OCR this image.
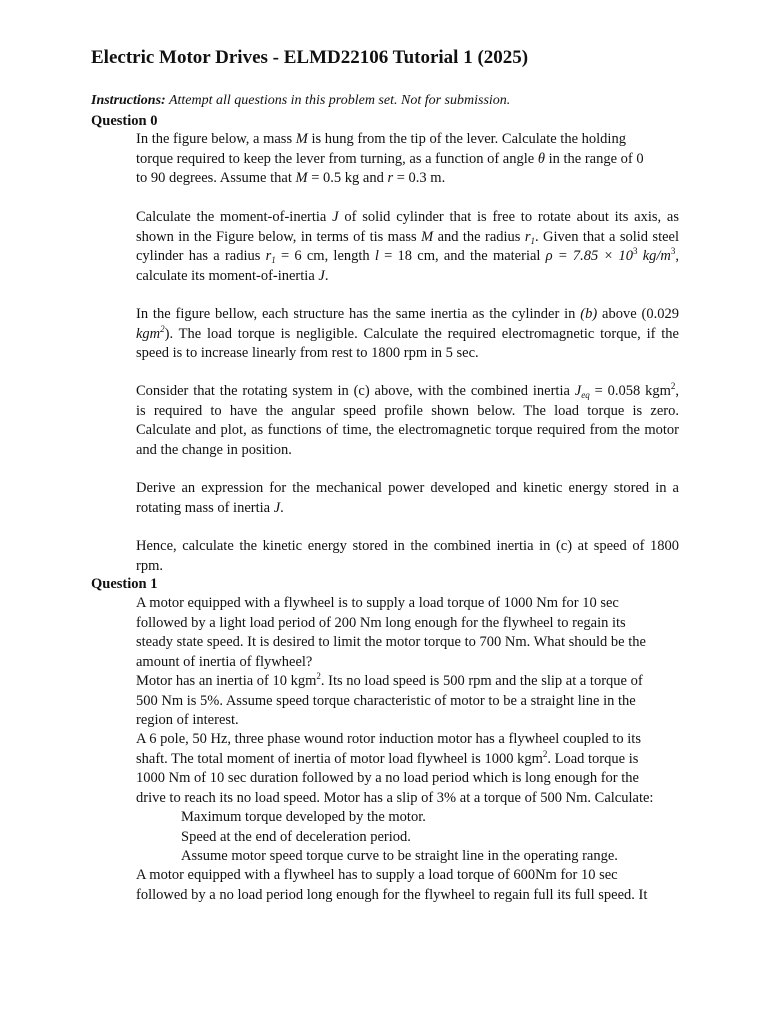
Electric Motor Drives - ELMD22106 Tutorial 1 (2025)
Instructions: Attempt all questions in this problem set. Not for submission.
Question 0
In the figure below, a mass M is hung from the tip of the lever. Calculate the holding
torque required to keep the lever from turning, as a function of angle θ in the range of 0
to 90 degrees. Assume that M = 0.5 kg and r = 0.3 m.
Calculate the moment-of-inertia J of solid cylinder that is free to rotate about its axis, as
shown in the Figure below, in terms of tis mass M and the radius $r_1$. Given that a solid steel
cylinder has a radius $r_1 = 6$ cm, length l = 18 cm, and the material $\rho = 7.85 \times 10^3$ $kg/m^3$,
calculate its moment-of-inertia J.
In the figure bellow, each structure has the same inertia as the cylinder in (b) above (0.029
kgm$^2$). The load torque is negligible. Calculate the required electromagnetic torque, if the
speed is to increase linearly from rest to 1800 rpm in 5 sec.
Consider that the rotating system in (c) above, with the combined inertia $J_{eq} = 0.058$ kgm$^2$,
is required to have the angular speed profile shown below. The load torque is zero.
Calculate and plot, as functions of time, the electromagnetic torque required from the motor
and the change in position.
Derive an expression for the mechanical power developed and kinetic energy stored in a
rotating mass of inertia J.
Hence, calculate the kinetic energy stored in the combined inertia in (c) at speed of 1800
rpm.
Question 1
A motor equipped with a flywheel is to supply a load torque of 1000 Nm for 10 sec
followed by a light load period of 200 Nm long enough for the flywheel to regain its
steady state speed. It is desired to limit the motor torque to 700 Nm. What should be the
amount of inertia of flywheel?
Motor has an inertia of 10 kgm$^2$. Its no load speed is 500 rpm and the slip at a torque of
500 Nm is 5%. Assume speed torque characteristic of motor to be a straight line in the
region of interest.
A 6 pole, 50 Hz, three phase wound rotor induction motor has a flywheel coupled to its
shaft. The total moment of inertia of motor load flywheel is 1000 kgm$^2$. Load torque is
1000 Nm of 10 sec duration followed by a no load period which is long enough for the
drive to reach its no load speed. Motor has a slip of 3% at a torque of 500 Nm. Calculate:
Maximum torque developed by the motor.
Speed at the end of deceleration period.
Assume motor speed torque curve to be straight line in the operating range.
A motor equipped with a flywheel has to supply a load torque of 600Nm for 10 sec
followed by a no load period long enough for the flywheel to regain full its full speed. It
